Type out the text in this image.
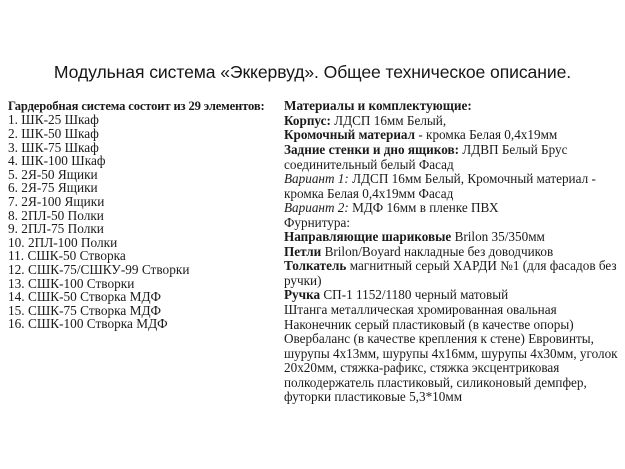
Модульная система «Эккервуд». Общее техническое описание.
Гардеробная система состоит из 29 элементов:
1. ШК-25 Шкаф
2. ШК-50 Шкаф
3. ШК-75 Шкаф
4. ШК-100 Шкаф
5. 2Я-50 Ящики
6. 2Я-75 Ящики
7. 2Я-100 Ящики
8. 2ПЛ-50 Полки
9. 2ПЛ-75 Полки
10. 2ПЛ-100 Полки
11. СШК-50 Створка
12. СШК-75/СШКУ-99 Створки
13. СШК-100 Створки
14. СШК-50 Створка МДФ
15. СШК-75 Створка МДФ
16. СШК-100 Створка МДФ
Материалы и комплектующие:
Корпус: ЛДСП 16мм Белый,
Кромочный материал - кромка Белая 0,4х19мм
Задние стенки и дно ящиков: ЛДВП Белый Брус
соединительный белый Фасад
Вариант 1: ЛДСП 16мм Белый, Кромочный материал -
кромка Белая 0,4х19мм Фасад
Вариант 2: МДФ 16мм в пленке ПВХ
Фурнитура:
Направляющие шариковые Brilon 35/350мм
Петли Brilon/Boyard накладные без доводчиков
Толкатель магнитный серый ХАРДИ №1 (для фасадов без
ручки)
Ручка СП-1 1152/1180 черный матовый
Штанга металлическая хромированная овальная
Наконечник серый пластиковый (в качестве опоры)
Овербаланс (в качестве крепления к стене) Евровинты,
шурупы 4х13мм, шурупы 4х16мм, шурупы 4х30мм, уголок
20х20мм, стяжка-рафикс, стяжка эксцентриковая
полкодержатель пластиковый, силиконовый демпфер,
футорки пластиковые 5,3*10мм
